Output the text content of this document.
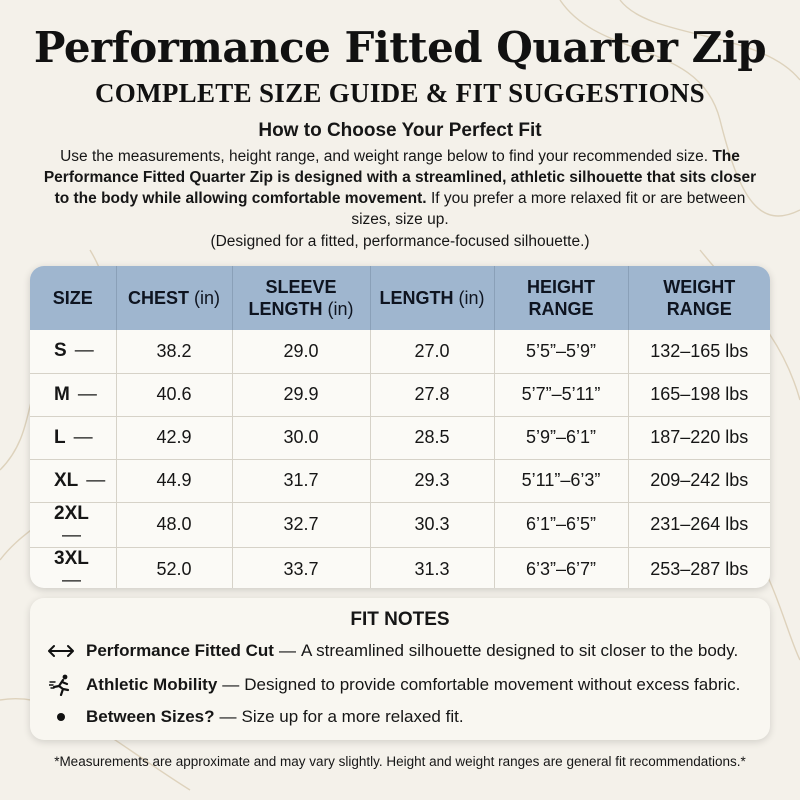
Performance Fitted Quarter Zip
COMPLETE SIZE GUIDE & FIT SUGGESTIONS
How to Choose Your Perfect Fit

Use the measurements, height range, and weight range below to find your recommended size. The Performance Fitted Quarter Zip is designed with a streamlined, athletic silhouette that sits closer to the body while allowing comfortable movement. If you prefer a more relaxed fit or are between sizes, size up.

(Designed for a fitted, performance-focused silhouette.)

SIZE	CHEST (in)	SLEEVE LENGTH (in)	LENGTH (in)	HEIGHT RANGE	WEIGHT RANGE
S —	38.2	29.0	27.0	5’5”–5’9”	132–165 lbs
M —	40.6	29.9	27.8	5’7”–5’11”	165–198 lbs
L —	42.9	30.0	28.5	5’9”–6’1”	187–220 lbs
XL —	44.9	31.7	29.3	5’11”–6’3”	209–242 lbs
2XL—	48.0	32.7	30.3	6’1”–6’5”	231–264 lbs
3XL—	52.0	33.7	31.3	6’3”–6’7”	253–287 lbs
FIT NOTES
Performance Fitted Cut — A streamlined silhouette designed to sit closer to the body.
Athletic Mobility — Designed to provide comfortable movement without excess fabric.
Between Sizes? — Size up for a more relaxed fit.

*Measurements are approximate and may vary slightly. Height and weight ranges are general fit recommendations.*
